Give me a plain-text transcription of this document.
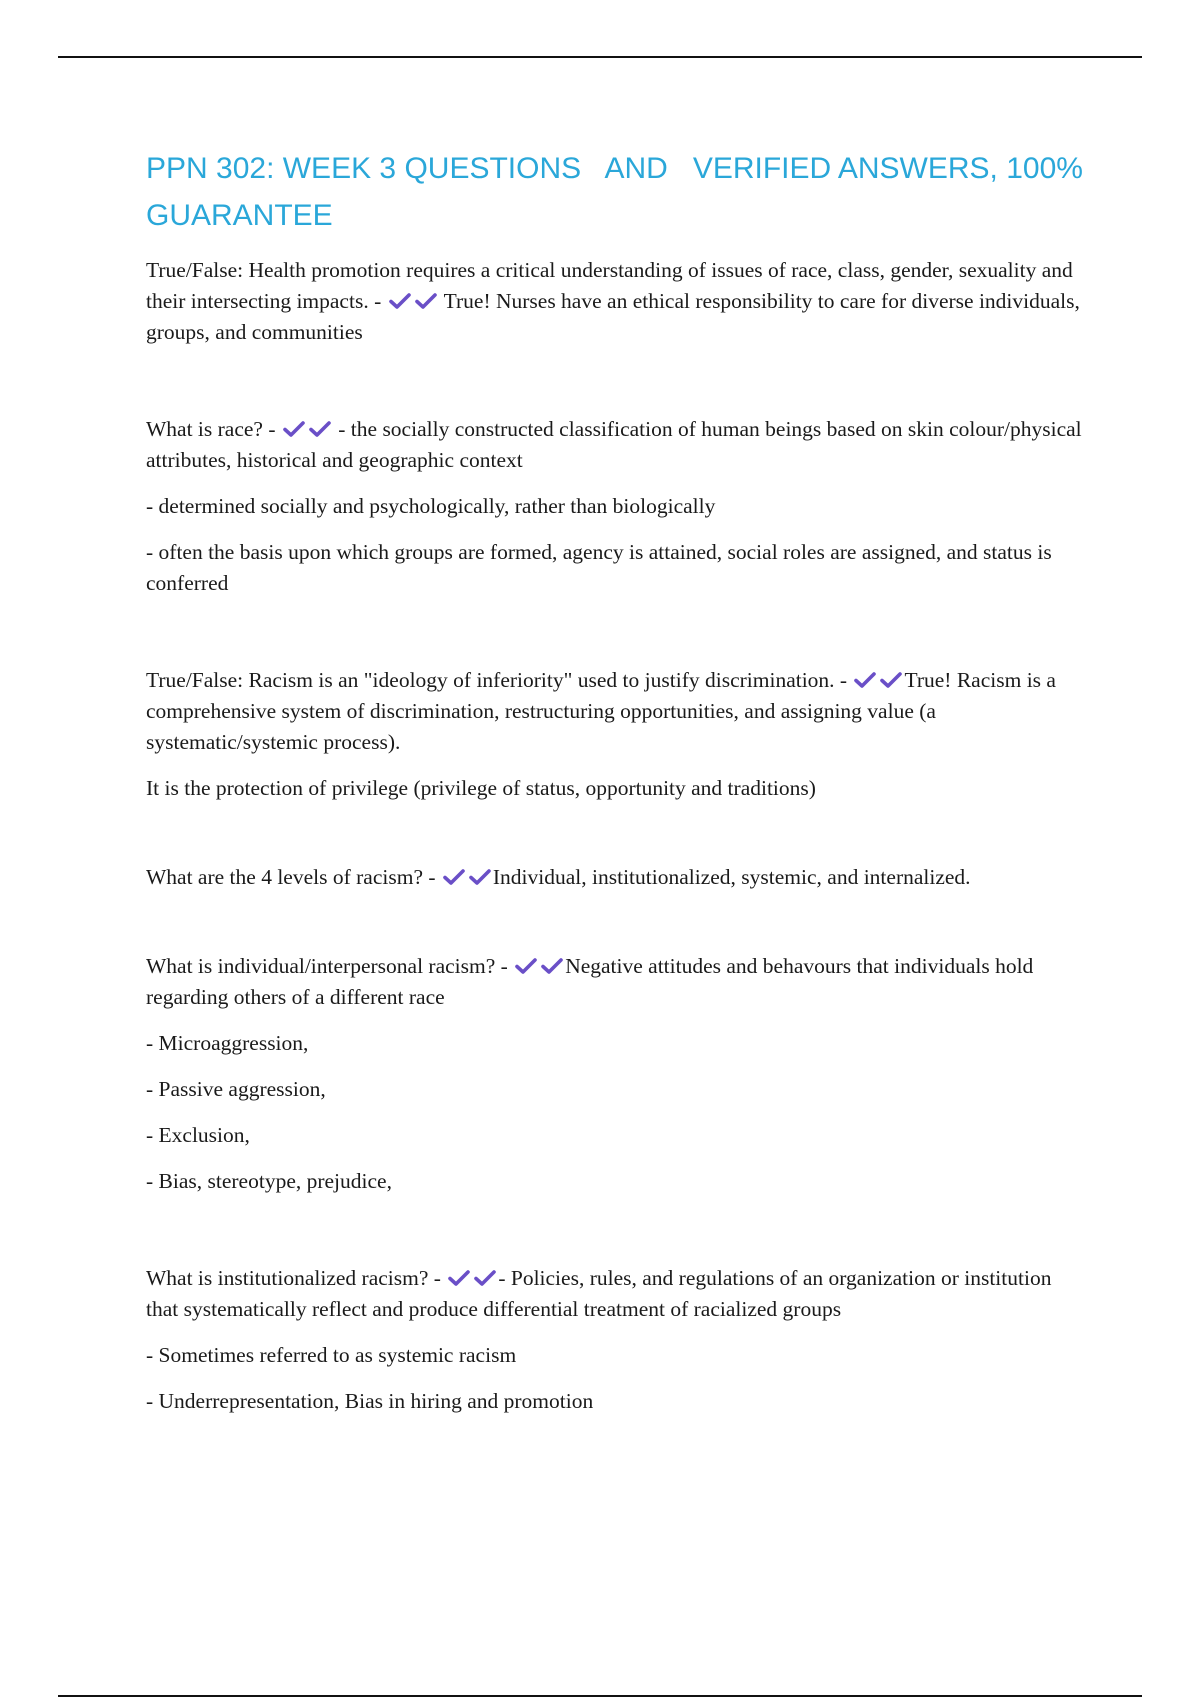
PPN 302: WEEK 3 QUESTIONS   AND   VERIFIED ANSWERS, 100% GUARANTEE

True/False: Health promotion requires a critical understanding of issues of race, class, gender, sexuality and their intersecting impacts. -	True! Nurses have an ethical responsibility to care for diverse individuals, groups, and communities

What is race? -	- the socially constructed classification of human beings based on skin colour/physical attributes, historical and geographic context

- determined socially and psychologically, rather than biologically

- often the basis upon which groups are formed, agency is attained, social roles are assigned, and status is conferred

True/False: Racism is an "ideology of inferiority" used to justify discrimination. -	True! Racism is a comprehensive system of discrimination, restructuring opportunities, and assigning value (a systematic/systemic process).

It is the protection of privilege (privilege of status, opportunity and traditions)

What are the 4 levels of racism? -	Individual, institutionalized, systemic, and internalized.

What is individual/interpersonal racism? -	Negative attitudes and behavours that individuals hold regarding others of a different race

- Microaggression,

- Passive aggression,

- Exclusion,

- Bias, stereotype, prejudice,

What is institutionalized racism? -	- Policies, rules, and regulations of an organization or institution that systematically reflect and produce differential treatment of racialized groups

- Sometimes referred to as systemic racism

- Underrepresentation, Bias in hiring and promotion
